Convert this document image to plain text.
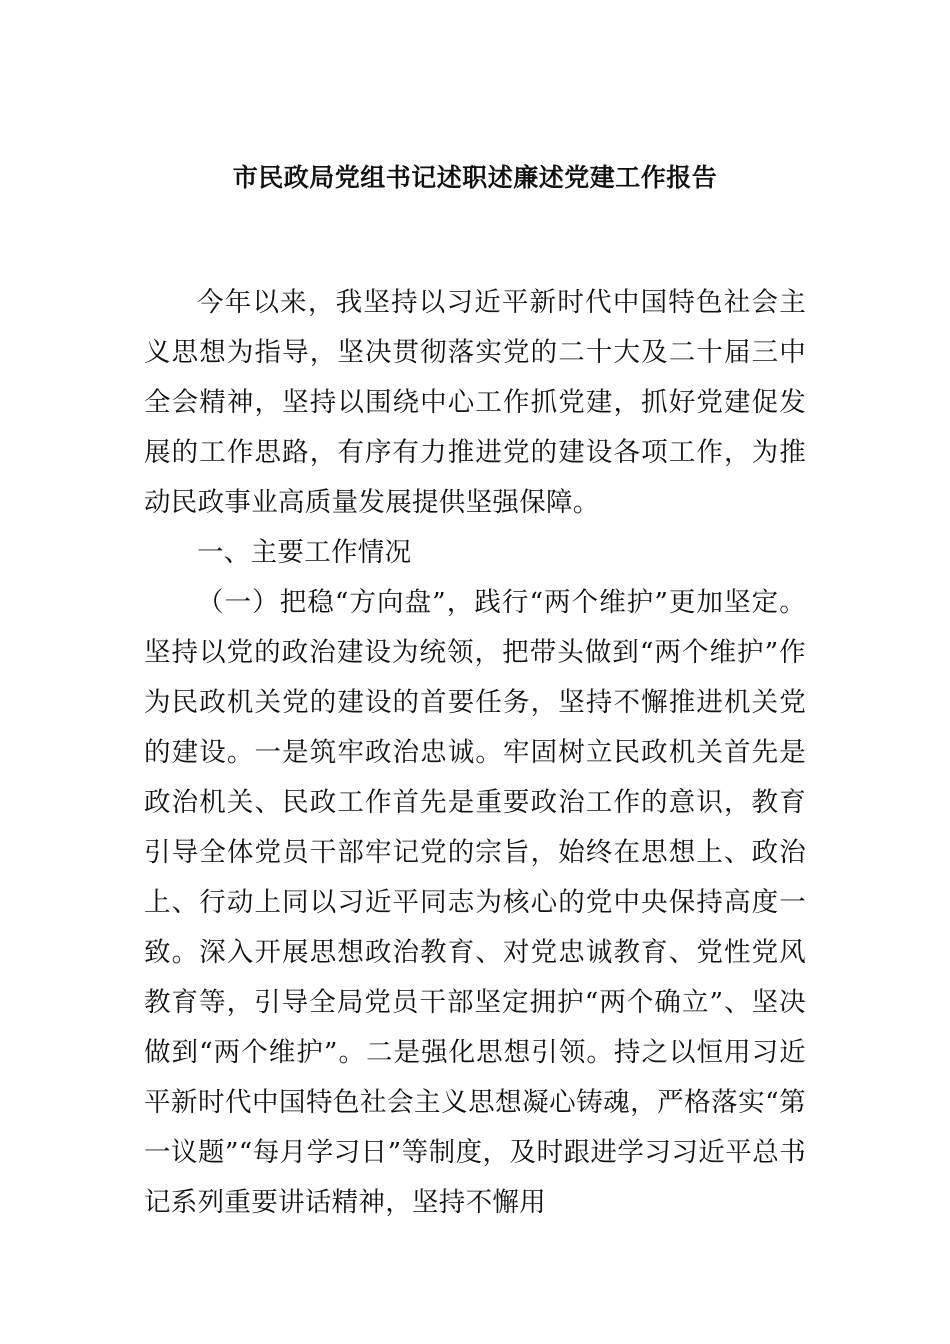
市民政局党组书记述职述廉述党建工作报告

今年以来，我坚持以习近平新时代中国特色社会主义思想为指导，坚决贯彻落实党的二十大及二十届三中全会精神，坚持以围绕中心工作抓党建，抓好党建促发展的工作思路，有序有力推进党的建设各项工作，为推动民政事业高质量发展提供坚强保障。

一、主要工作情况

（一）把稳“方向盘”，践行“两个维护”更加坚定。坚持以党的政治建设为统领，把带头做到“两个维护”作为民政机关党的建设的首要任务，坚持不懈推进机关党的建设。一是筑牢政治忠诚。牢固树立民政机关首先是政治机关、民政工作首先是重要政治工作的意识，教育引导全体党员干部牢记党的宗旨，始终在思想上、政治上、行动上同以习近平同志为核心的党中央保持高度一致。深入开展思想政治教育、对党忠诚教育、党性党风教育等，引导全局党员干部坚定拥护“两个确立”、坚决做到“两个维护”。二是强化思想引领。持之以恒用习近平新时代中国特色社会主义思想凝心铸魂，严格落实“第一议题”“每月学习日”等制度，及时跟进学习习近平总书记系列重要讲话精神，坚持不懈用
